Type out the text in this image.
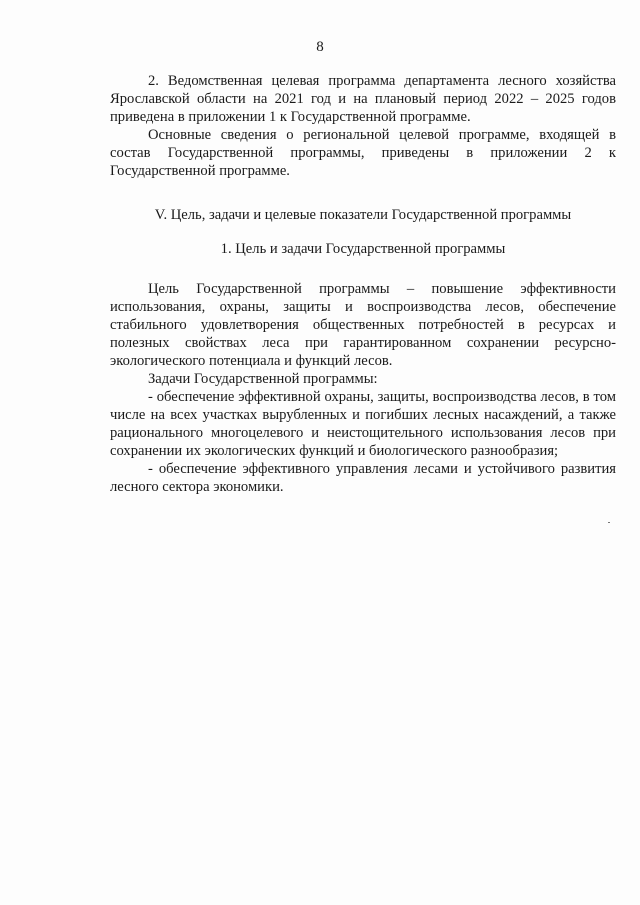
8

2. Ведомственная целевая программа департамента лесного хозяйства Ярославской области на 2021 год и на плановый период 2022 – 2025 годов приведена в приложении 1 к Государственной программе.

Основные сведения о региональной целевой программе, входящей в состав Государственной программы, приведены в приложении 2 к Государственной программе.

V. Цель, задачи и целевые показатели Государственной программы

1. Цель и задачи Государственной программы

Цель Государственной программы – повышение эффективности использования, охраны, защиты и воспроизводства лесов, обеспечение стабильного удовлетворения общественных потребностей в ресурсах и полезных свойствах леса при гарантированном сохранении ресурсно-экологического потенциала и функций лесов.

Задачи Государственной программы:

- обеспечение эффективной охраны, защиты, воспроизводства лесов, в том числе на всех участках вырубленных и погибших лесных насаждений, а также рационального многоцелевого и неистощительного использования лесов при сохранении их экологических функций и биологического разнообразия;

- обеспечение эффективного управления лесами и устойчивого развития лесного сектора экономики.
